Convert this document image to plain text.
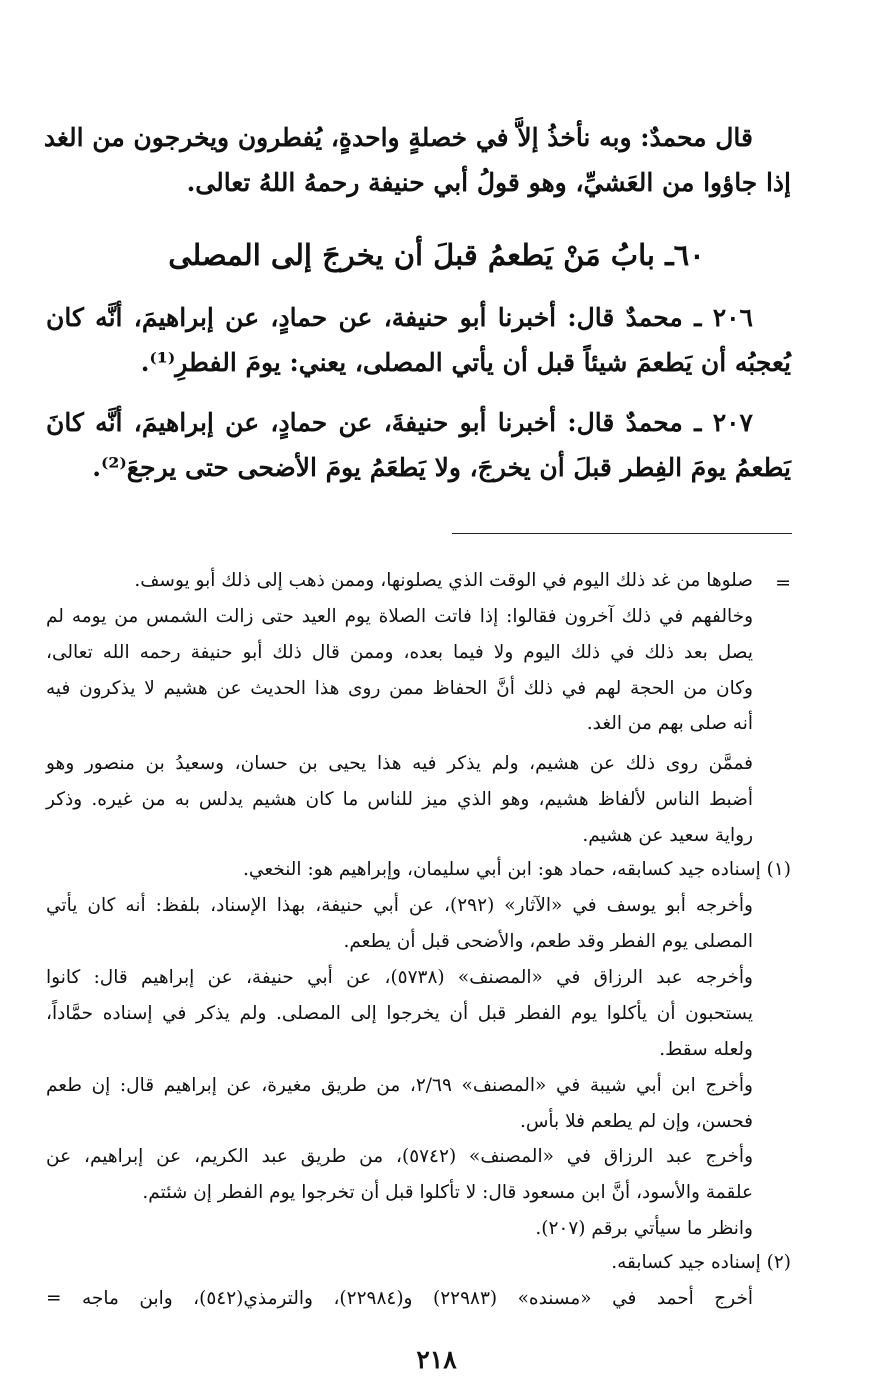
قال محمدٌ: وبه نأخذُ إلاَّ في خصلةٍ واحدةٍ، يُفطرون ويخرجون من الغد

إذا جاؤوا من العَشيِّ، وهو قولُ أبي حنيفة رحمهُ اللهُ تعالى.

٦٠ـ بابُ مَنْ يَطعمُ قبلَ أن يخرجَ إلى المصلى

٢٠٦ ـ محمدٌ قال: أخبرنا أبو حنيفة، عن حمادٍ، عن إبراهيمَ، أنَّه كان

يُعجبُه أن يَطعمَ شيئاً قبل أن يأتي المصلى، يعني: يومَ الفطرِ⁽¹⁾.

٢٠٧ ـ محمدٌ قال: أخبرنا أبو حنيفةَ، عن حمادٍ، عن إبراهيمَ، أنَّه كانَ

يَطعمُ يومَ الفِطر قبلَ أن يخرجَ، ولا يَطعَمُ يومَ الأضحى حتى يرجعَ⁽²⁾.

=

صلوها من غد ذلك اليوم في الوقت الذي يصلونها، وممن ذهب إلى ذلك أبو يوسف.

وخالفهم في ذلك آخرون فقالوا: إذا فاتت الصلاة يوم العيد حتى زالت الشمس من يومه لم

يصل بعد ذلك في ذلك اليوم ولا فيما بعده، وممن قال ذلك أبو حنيفة رحمه الله تعالى،

وكان من الحجة لهم في ذلك أنَّ الحفاظ ممن روى هذا الحديث عن هشيم لا يذكرون فيه

أنه صلى بهم من الغد.

فممَّن روى ذلك عن هشيم، ولم يذكر فيه هذا يحيى بن حسان، وسعيدُ بن منصور وهو

أضبط الناس لألفاظ هشيم، وهو الذي ميز للناس ما كان هشيم يدلس به من غيره. وذكر

رواية سعيد عن هشيم.

(١) إسناده جيد كسابقه، حماد هو: ابن أبي سليمان، وإبراهيم هو: النخعي.

وأخرجه أبو يوسف في «الآثار» (٢٩٢)، عن أبي حنيفة، بهذا الإسناد، بلفظ: أنه كان يأتي

المصلى يوم الفطر وقد طعم، والأضحى قبل أن يطعم.

وأخرجه عبد الرزاق في «المصنف» (٥٧٣٨)، عن أبي حنيفة، عن إبراهيم قال: كانوا

يستحبون أن يأكلوا يوم الفطر قبل أن يخرجوا إلى المصلى. ولم يذكر في إسناده حمَّاداً،

ولعله سقط.

وأخرج ابن أبي شيبة في «المصنف» ٢/٦٩، من طريق مغيرة، عن إبراهيم قال: إن طعم

فحسن، وإن لم يطعم فلا بأس.

وأخرج عبد الرزاق في «المصنف» (٥٧٤٢)، من طريق عبد الكريم، عن إبراهيم، عن

علقمة والأسود، أنَّ ابن مسعود قال: لا تأكلوا قبل أن تخرجوا يوم الفطر إن شئتم.

وانظر ما سيأتي برقم (٢٠٧).

(٢) إسناده جيد كسابقه.

أخرج أحمد في «مسنده» (٢٢٩٨٣) و(٢٢٩٨٤)، والترمذي(٥٤٢)، وابن ماجه =

٢١٨
